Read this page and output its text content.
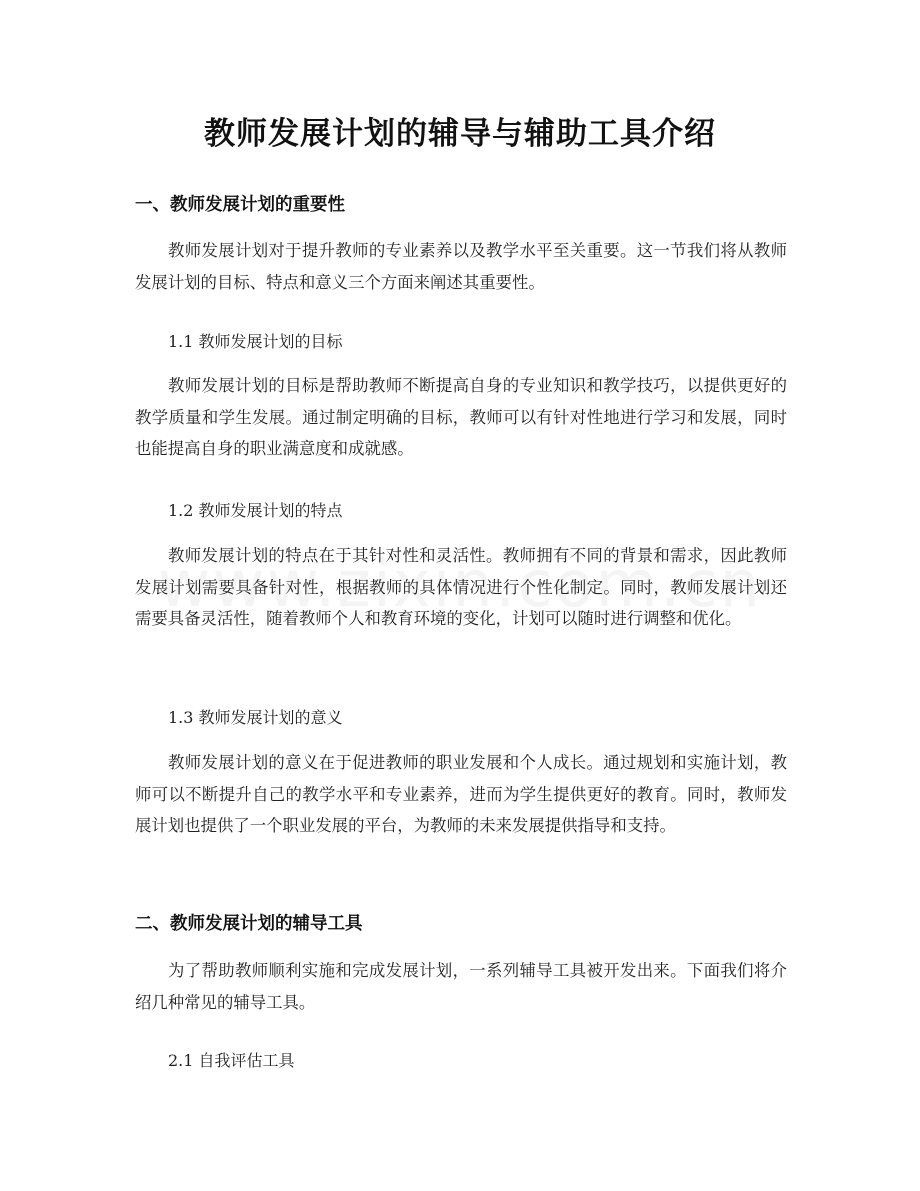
教师发展计划的辅导与辅助工具介绍
一、教师发展计划的重要性
教师发展计划对于提升教师的专业素养以及教学水平至关重要。这一节我们将从教师发展计划的目标、特点和意义三个方面来阐述其重要性。
1.1 教师发展计划的目标
教师发展计划的目标是帮助教师不断提高自身的专业知识和教学技巧，以提供更好的教学质量和学生发展。通过制定明确的目标，教师可以有针对性地进行学习和发展，同时也能提高自身的职业满意度和成就感。
1.2 教师发展计划的特点
教师发展计划的特点在于其针对性和灵活性。教师拥有不同的背景和需求，因此教师发展计划需要具备针对性，根据教师的具体情况进行个性化制定。同时，教师发展计划还需要具备灵活性，随着教师个人和教育环境的变化，计划可以随时进行调整和优化。
1.3 教师发展计划的意义
教师发展计划的意义在于促进教师的职业发展和个人成长。通过规划和实施计划，教师可以不断提升自己的教学水平和专业素养，进而为学生提供更好的教育。同时，教师发展计划也提供了一个职业发展的平台，为教师的未来发展提供指导和支持。
二、教师发展计划的辅导工具
为了帮助教师顺利实施和完成发展计划，一系列辅导工具被开发出来。下面我们将介绍几种常见的辅导工具。
2.1 自我评估工具
